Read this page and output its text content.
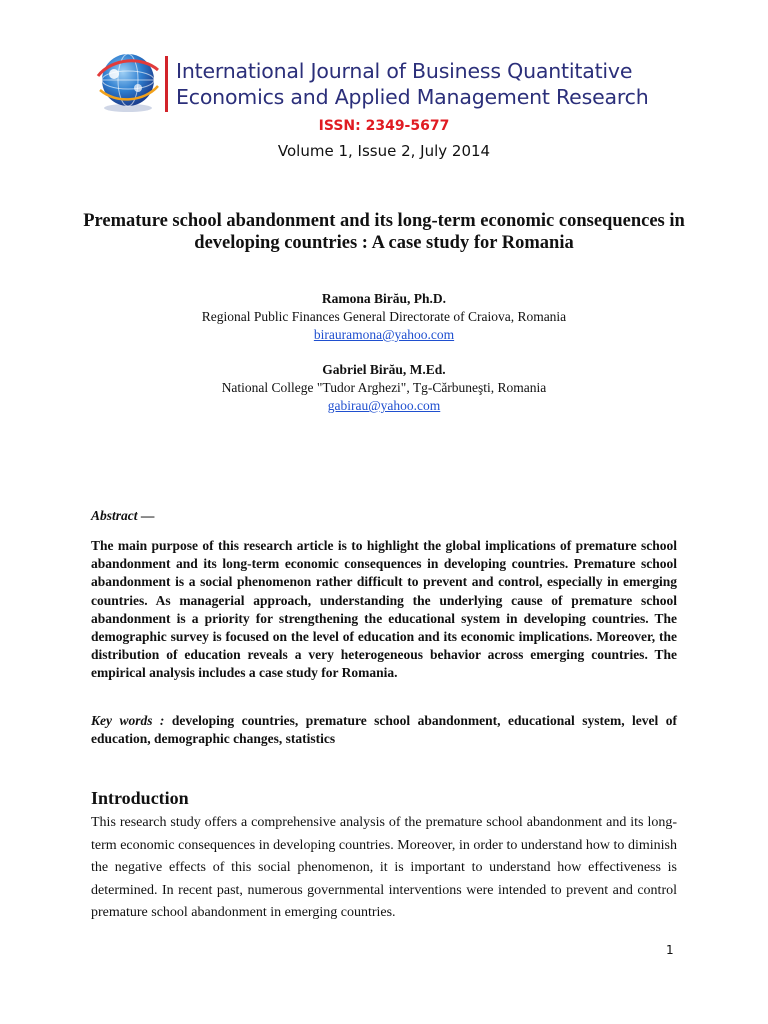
International Journal of Business Quantitative
Economics and Applied Management Research
ISSN: 2349-5677
Volume 1, Issue 2, July 2014
Premature school abandonment and its long-term economic consequences in developing countries : A case study for Romania
Ramona Birău, Ph.D.
Regional Public Finances General Directorate of Craiova, Romania
birauramona@yahoo.com
Gabriel Birău, M.Ed.
National College "Tudor Arghezi", Tg-Cărbuneşti, Romania
gabirau@yahoo.com
Abstract —
The main purpose of this research article is to highlight the global implications of premature school abandonment and its long-term economic consequences in developing countries. Premature school abandonment is a social phenomenon rather difficult to prevent and control, especially in emerging countries. As managerial approach, understanding the underlying cause of premature school abandonment is a priority for strengthening the educational system in developing countries. The demographic survey is focused on the level of education and its economic implications. Moreover, the distribution of education reveals a very heterogeneous behavior across emerging countries. The empirical analysis includes a case study for Romania.
Key words : developing countries, premature school abandonment, educational system, level of education, demographic changes, statistics
Introduction
This research study offers a comprehensive analysis of the premature school abandonment and its long-term economic consequences in developing countries. Moreover, in order to understand how to diminish the negative effects of this social phenomenon, it is important to understand how effectiveness is determined. In recent past, numerous governmental interventions were intended to prevent and control premature school abandonment in emerging countries.
1
